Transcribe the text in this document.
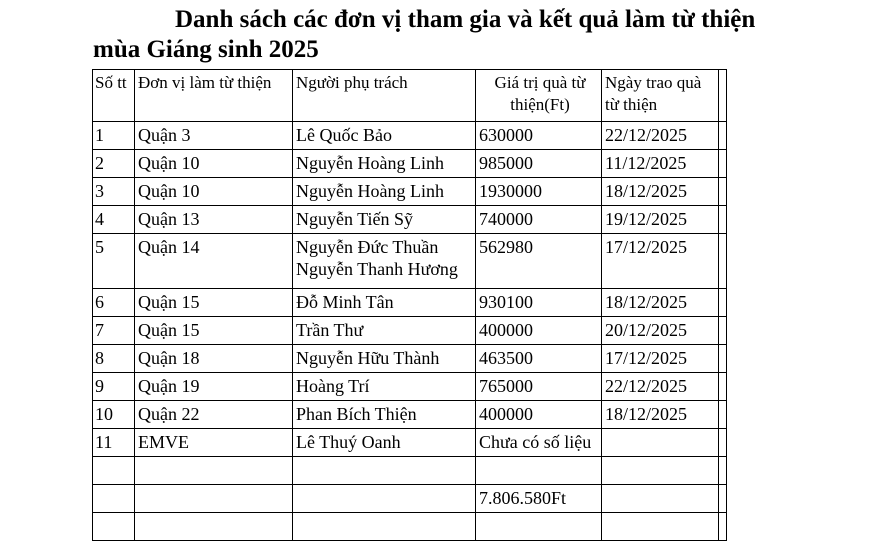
Danh sách các đơn vị tham gia và kết quả làm từ thiện
mùa Giáng sinh 2025
Số tt	Đơn vị làm từ thiện	Người phụ trách	Giá trị quà từ thiện(Ft)	Ngày trao quà từ thiện	
1	Quận 3	Lê Quốc Bảo	630000	22/12/2025	
2	Quận 10	Nguyễn Hoàng Linh	985000	11/12/2025	
3	Quận 10	Nguyễn Hoàng Linh	1930000	18/12/2025	
4	Quận 13	Nguyễn Tiến Sỹ	740000	19/12/2025	
5	Quận 14	Nguyễn Đức Thuần Nguyễn Thanh Hương	562980	17/12/2025	
6	Quận 15	Đỗ Minh Tân	930100	18/12/2025	
7	Quận 15	Trần Thư	400000	20/12/2025	
8	Quận 18	Nguyễn Hữu Thành	463500	17/12/2025	
9	Quận 19	Hoàng Trí	765000	22/12/2025	
10	Quận 22	Phan Bích Thiện	400000	18/12/2025	
11	EMVE	Lê Thuý Oanh	Chưa có số liệu		

			7.806.580Ft		
